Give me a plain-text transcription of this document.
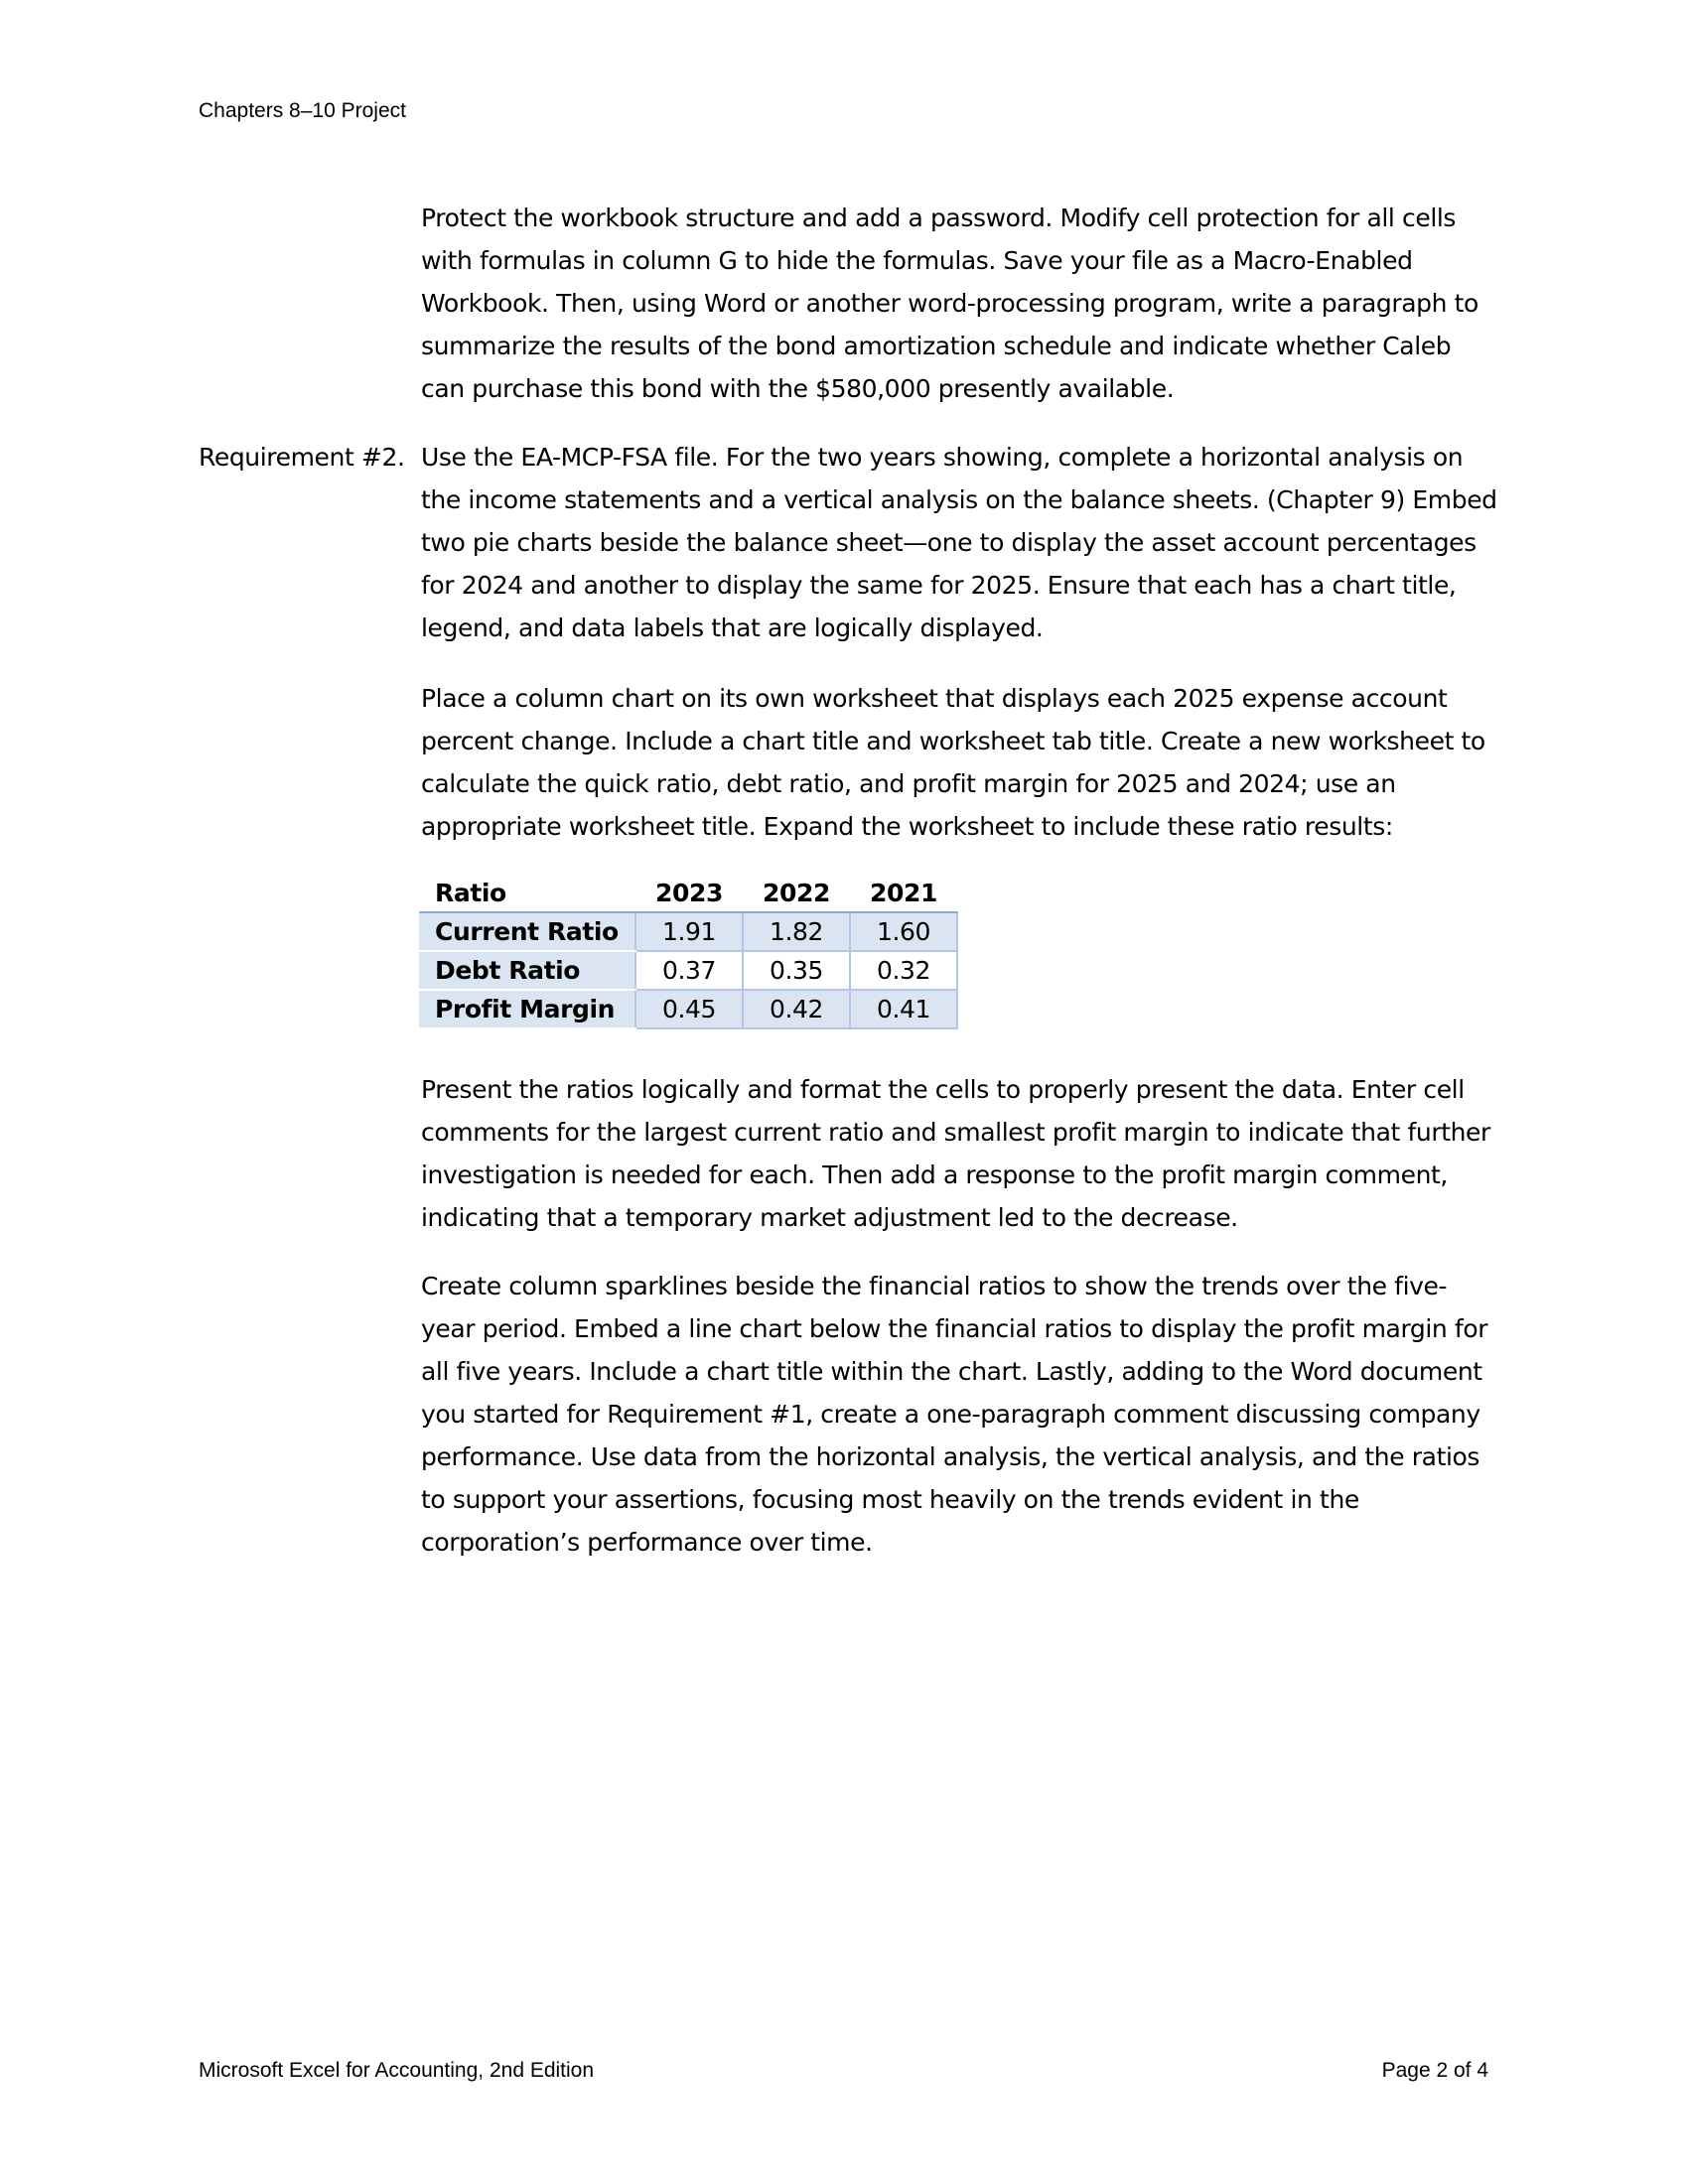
Chapters 8–10 Project

Protect the workbook structure and add a password. Modify cell protection for all cells with formulas in column G to hide the formulas. Save your file as a Macro-Enabled Workbook. Then, using Word or another word-processing program, write a paragraph to summarize the results of the bond amortization schedule and indicate whether Caleb can purchase this bond with the $580,000 presently available.

Requirement #2. Use the EA-MCP-FSA file. For the two years showing, complete a horizontal analysis on the income statements and a vertical analysis on the balance sheets. (Chapter 9) Embed two pie charts beside the balance sheet—one to display the asset account percentages for 2024 and another to display the same for 2025. Ensure that each has a chart title, legend, and data labels that are logically displayed.

Place a column chart on its own worksheet that displays each 2025 expense account percent change. Include a chart title and worksheet tab title. Create a new worksheet to calculate the quick ratio, debt ratio, and profit margin for 2025 and 2024; use an appropriate worksheet title. Expand the worksheet to include these ratio results:

Ratio	2023	2022	2021
Current Ratio	1.91	1.82	1.60
Debt Ratio	0.37	0.35	0.32
Profit Margin	0.45	0.42	0.41

Present the ratios logically and format the cells to properly present the data. Enter cell comments for the largest current ratio and smallest profit margin to indicate that further investigation is needed for each. Then add a response to the profit margin comment, indicating that a temporary market adjustment led to the decrease.

Create column sparklines beside the financial ratios to show the trends over the five-year period. Embed a line chart below the financial ratios to display the profit margin for all five years. Include a chart title within the chart. Lastly, adding to the Word document you started for Requirement #1, create a one-paragraph comment discussing company performance. Use data from the horizontal analysis, the vertical analysis, and the ratios to support your assertions, focusing most heavily on the trends evident in the corporation’s performance over time.

Microsoft Excel for Accounting, 2nd Edition	Page 2 of 4
